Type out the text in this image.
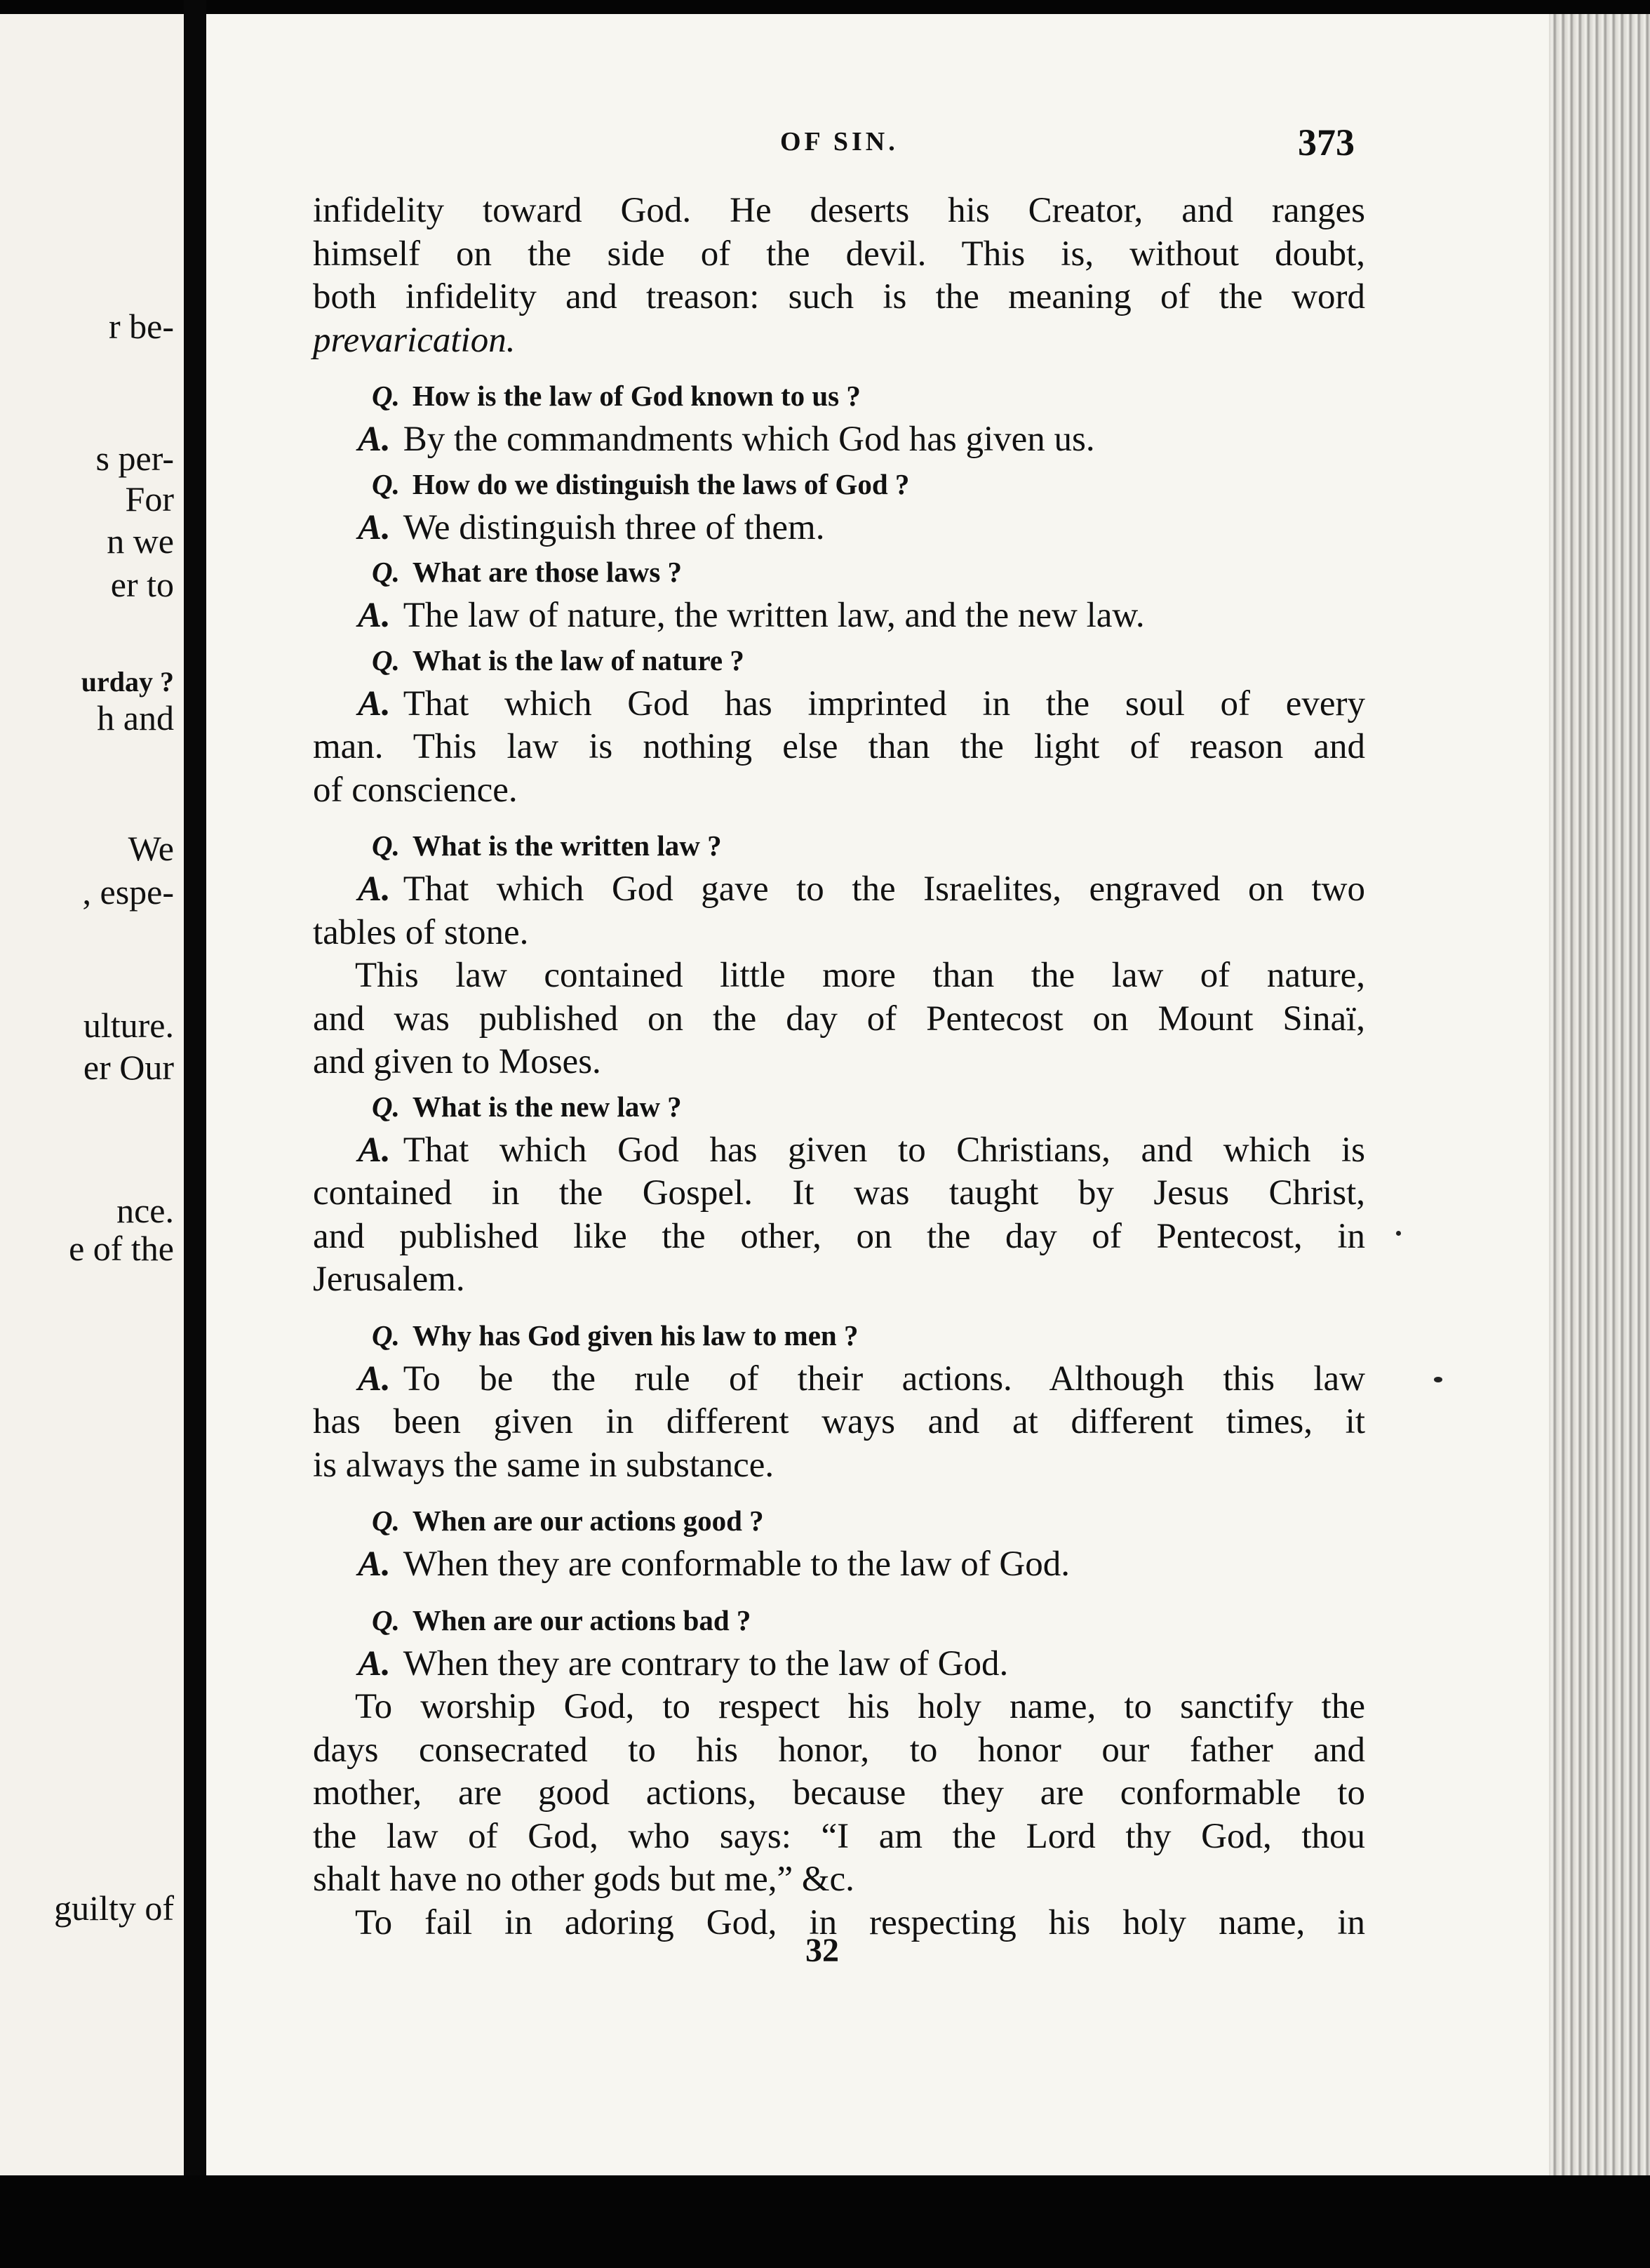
r be-
s per-
For
n we
er to
urday ?
h and
We
, espe-
ulture.
er Our
nce.
e of the
guilty of
OF SIN.	373
infidelity toward God. He deserts his Creator, and ranges
himself on the side of the devil. This is, without doubt,
both infidelity and treason: such is the meaning of the word
prevarication.
Q. How is the law of God known to us ?
A. By the commandments which God has given us.
Q. How do we distinguish the laws of God ?
A. We distinguish three of them.
Q. What are those laws ?
A. The law of nature, the written law, and the new law.
Q. What is the law of nature ?
A. That which God has imprinted in the soul of every
man. This law is nothing else than the light of reason and
of conscience.
Q. What is the written law ?
A. That which God gave to the Israelites, engraved on two
tables of stone.
This law contained little more than the law of nature,
and was published on the day of Pentecost on Mount Sinaï,
and given to Moses.
Q. What is the new law ?
A. That which God has given to Christians, and which is
contained in the Gospel. It was taught by Jesus Christ,
and published like the other, on the day of Pentecost, in
Jerusalem.
Q. Why has God given his law to men ?
A. To be the rule of their actions. Although this law
has been given in different ways and at different times, it
is always the same in substance.
Q. When are our actions good ?
A. When they are conformable to the law of God.
Q. When are our actions bad ?
A. When they are contrary to the law of God.
To worship God, to respect his holy name, to sanctify the
days consecrated to his honor, to honor our father and
mother, are good actions, because they are conformable to
the law of God, who says: “I am the Lord thy God, thou
shalt have no other gods but me,” &c.
To fail in adoring God, in respecting his holy name, in
32
